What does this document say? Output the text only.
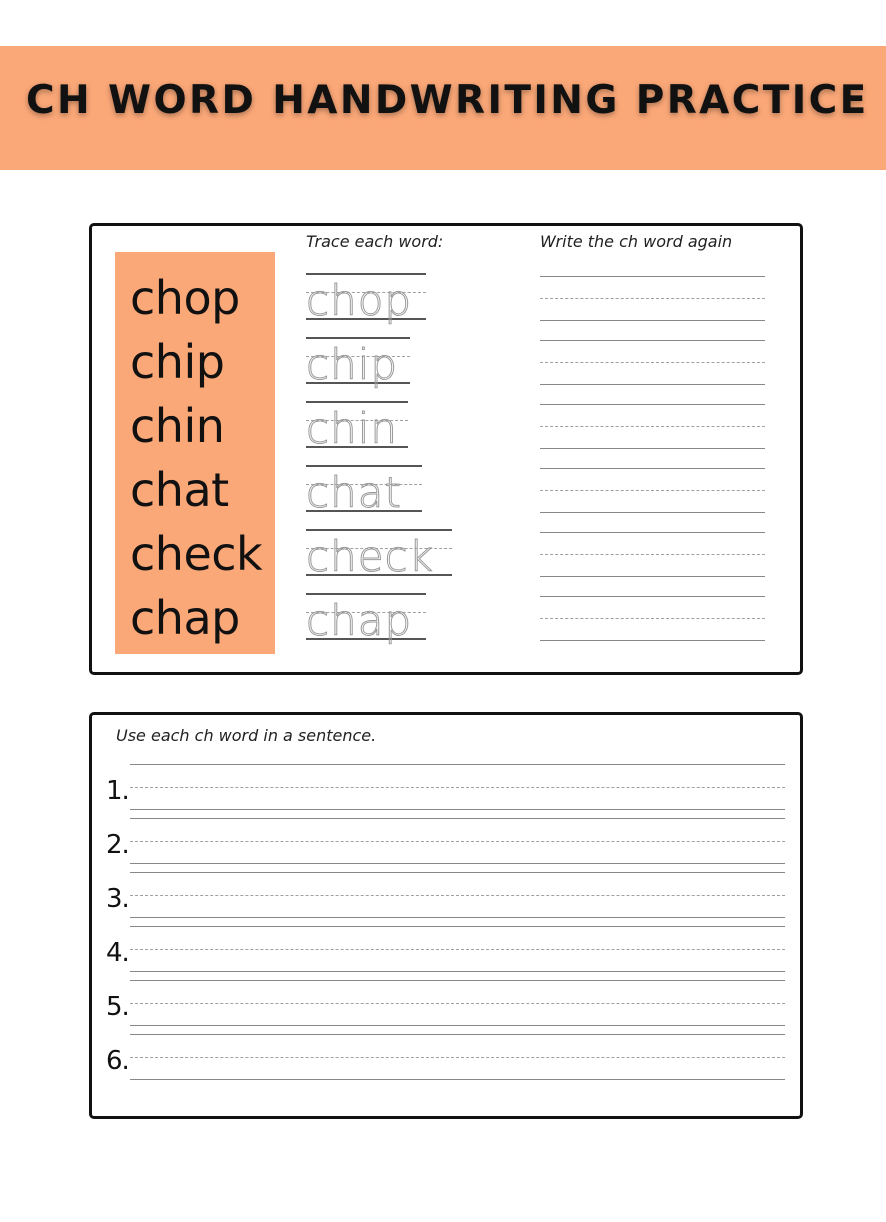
CH WORD HANDWRITING PRACTICE
chop chop
chip chip
chin chin
chat chat
check check
chap chap
Trace each word:	Write the ch word again
Use each ch word in a sentence.
1.
2.
3.
4.
5.
6.
